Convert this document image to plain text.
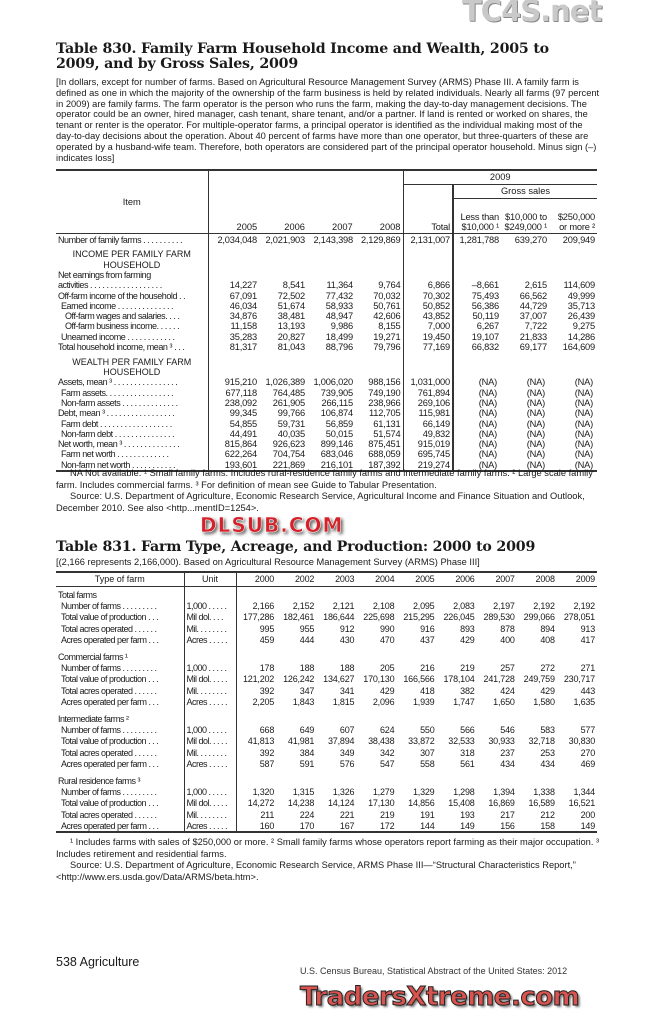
TC4S.net
Table 830. Family Farm Household Income and Wealth, 2005 to 2009, and by Gross Sales, 2009
[In dollars, except for number of farms. Based on Agricultural Resource Management Survey (ARMS) Phase III. A family farm is defined as one in which the majority of the ownership of the farm business is held by related individuals. Nearly all farms (97 percent in 2009) are family farms. The farm operator is the person who runs the farm, making the day-to-day management decisions. The operator could be an owner, hired manager, cash tenant, share tenant, and/or a partner. If land is rented or worked on shares, the tenant or renter is the operator. For multiple-operator farms, a principal operator is identified as the individual making most of the day-to-day decisions about the operation. About 40 percent of farms have more than one operator, but three-quarters of these are operated by a husband-wife team. Therefore, both operators are considered part of the principal operator household. Minus sign (–) indicates loss]
Item	2005 2006 2007 2008				2009			
					Total	Gross sales		
						Less than $10,000 ¹	$10,000 to $249,000 ¹	$250,000 or more ²
Number of family farms . . . . . . . . . .	2,034,048	2,021,903	2,143,398	2,129,869	2,131,007	1,281,788	639,270	209,949
INCOME PER FAMILY FARM HOUSEHOLD								
Net earnings from farming								
activities . . . . . . . . . . . . . . . . . .	14,227	8,541	11,364	9,764	6,866	–8,661	2,615	114,609
Off-farm income of the household . .	67,091	72,502	77,432	70,032	70,302	75,493	66,562	49,999
Earned income . . . . . . . . . . . . . .	46,034	51,674	58,933	50,761	50,852	56,386	44,729	35,713
Off-farm wages and salaries. . . .	34,876	38,481	48,947	42,606	43,852	50,119	37,007	26,439
Off-farm business income. . . . . .	11,158	13,193	9,986	8,155	7,000	6,267	7,722	9,275
Unearned income . . . . . . . . . . . .	35,283	20,827	18,499	19,271	19,450	19,107	21,833	14,286
Total household income, mean ³ . . .	81,317	81,043	88,796	79,796	77,169	66,832	69,177	164,609
WEALTH PER FAMILY FARM HOUSEHOLD								
Assets, mean ³ . . . . . . . . . . . . . . . .	915,210	1,026,389	1,006,020	988,156	1,031,000	(NA)	(NA)	(NA)
Farm assets. . . . . . . . . . . . . . . . .	677,118	764,485	739,905	749,190	761,894	(NA)	(NA)	(NA)
Non-farm assets . . . . . . . . . . . . . .	238,092	261,905	266,115	238,966	269,106	(NA)	(NA)	(NA)
Debt, mean ³ . . . . . . . . . . . . . . . . .	99,345	99,766	106,874	112,705	115,981	(NA)	(NA)	(NA)
Farm debt . . . . . . . . . . . . . . . . . .	54,855	59,731	56,859	61,131	66,149	(NA)	(NA)	(NA)
Non-farm debt . . . . . . . . . . . . . . .	44,491	40,035	50,015	51,574	49,832	(NA)	(NA)	(NA)
Net worth, mean ³ . . . . . . . . . . . . . .	815,864	926,623	899,146	875,451	915,019	(NA)	(NA)	(NA)
Farm net worth . . . . . . . . . . . . .	622,264	704,754	683,046	688,059	695,745	(NA)	(NA)	(NA)
Non-farm net worth . . . . . . . . . . .	193,601	221,869	216,101	187,392	219,274	(NA)	(NA)	(NA)

NA Not available. ¹ Small family farms. Includes rural-residence family farms and intermediate family farms. ² Large scale family farm. Includes commercial farms. ³ For definition of mean see Guide to Tabular Presentation.

Source: U.S. Department of Agriculture, Economic Research Service, Agricultural Income and Finance Situation and Outlook, December 2010. See also <http...mentID=1254>.

DLSUB.COM
Table 831. Farm Type, Acreage, and Production: 2000 to 2009
[(2,166 represents 2,166,000). Based on Agricultural Resource Management Survey (ARMS) Phase III]
Type of farm	Unit	2000	2002	2003	2004	2005	2006	2007	2008	2009
Total farms										
Number of farms . . . . . . . . .	1,000 . . . . .	2,166	2,152	2,121	2,108	2,095	2,083	2,197	2,192	2,192
Total value of production . . .	Mil dol. . . .	177,286	182,461	186,644	225,698	215,295	226,045	289,530	299,066	278,051
Total acres operated . . . . . .	Mil. . . . . . . .	995	955	912	990	916	893	878	894	913
Acres operated per farm . . .	Acres . . . . .	459	444	430	470	437	429	400	408	417
Commercial farms ¹										
Number of farms . . . . . . . . .	1,000 . . . . .	178	188	188	205	216	219	257	272	271
Total value of production . . .	Mil dol. . . . .	121,202	126,242	134,627	170,130	166,566	178,104	241,728	249,759	230,717
Total acres operated . . . . . .	Mil. . . . . . . .	392	347	341	429	418	382	424	429	443
Acres operated per farm . . .	Acres . . . . .	2,205	1,843	1,815	2,096	1,939	1,747	1,650	1,580	1,635
Intermediate farms ²										
Number of farms . . . . . . . . .	1,000 . . . . .	668	649	607	624	550	566	546	583	577
Total value of production . . .	Mil dol. . . . .	41,813	41,981	37,894	38,438	33,872	32,533	30,933	32,718	30,830
Total acres operated . . . . . .	Mil. . . . . . . .	392	384	349	342	307	318	237	253	270
Acres operated per farm . . .	Acres . . . . .	587	591	576	547	558	561	434	434	469
Rural residence farms ³										
Number of farms . . . . . . . . .	1,000 . . . . .	1,320	1,315	1,326	1,279	1,329	1,298	1,394	1,338	1,344
Total value of production . . .	Mil dol. . . . .	14,272	14,238	14,124	17,130	14,856	15,408	16,869	16,589	16,521
Total acres operated . . . . . .	Mil. . . . . . . .	211	224	221	219	191	193	217	212	200
Acres operated per farm . . .	Acres . . . . .	160	170	167	172	144	149	156	158	149

¹ Includes farms with sales of $250,000 or more. ² Small family farms whose operators report farming as their major occupation. ³ Includes retirement and residential farms.

Source: U.S. Department of Agriculture, Economic Research Service, ARMS Phase III—“Structural Characteristics Report,” <http://www.ers.usda.gov/Data/ARMS/beta.htm>.

538 Agriculture
U.S. Census Bureau, Statistical Abstract of the United States: 2012
TradersXtreme.com
